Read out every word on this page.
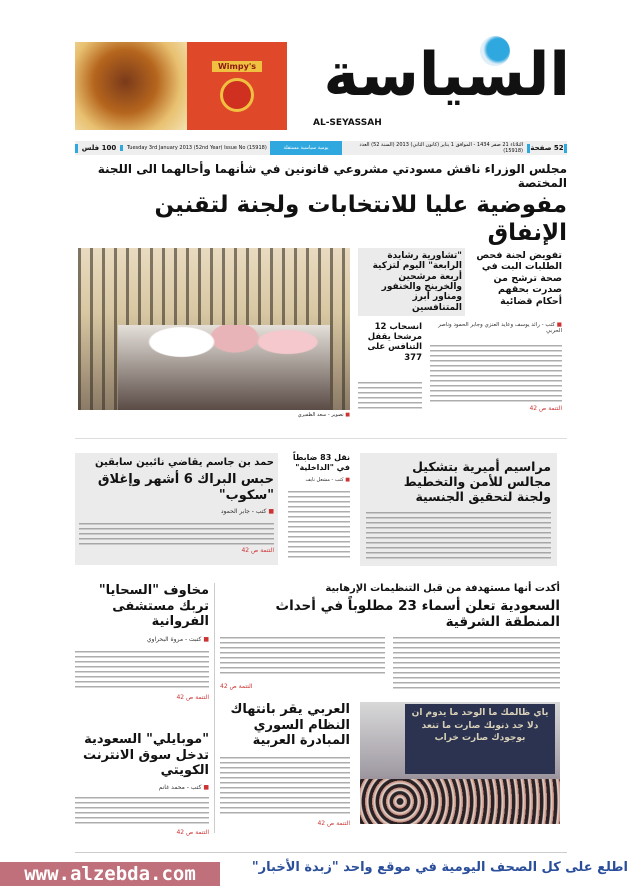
Wimpy's السياسة
AL-SEYASSAH
100 فلس	Tuesday 3rd January 2013 (52nd Year) Issue No (15918)	يومية سياسية مستقلة	الثلاثاء 21 صفر 1434 - الموافق 1 يناير (كانون الثاني) 2013 (السنة 52) العدد (15918)	52 صفحة
مجلس الوزراء ناقش مسودتي مشروعي قانونين في شأنهما وأحالهما الى اللجنة المختصة
مفوضية عليا للانتخابات ولجنة لتقنين الإنفاق
■ تصوير - سعد الظفيري
"تشاورية رشايدة الرابعة" اليوم لتزكية أربعة مرشحين والخرينج والخنفور ومناور أبرز المتنافسين
تفويض لجنة فحص الطلبات البت في صحة ترشح من صدرت بحقهم أحكام قضائية
انسحاب 12 مرشحا يقفل التنافس على 377
■ كتب - رائد يوسف وعايد العنزي وجابر الحمود وناصر الحربي
التتمة ص 42
حمد بن جاسم يقاضي نائبين سابقين
حبس البراك 6 أشهر وإغلاق "سكوب"
■ كتب - جابر الحمود
التتمة ص 42
نقل 83 ضابطاً في "الداخلية"
■ كتب - مشعل نايف
مراسيم أميرية بتشكيل مجالس للأمن والتخطيط ولجنة لتحقيق الجنسية
مخاوف "السحايا" تربك مستشفى الفروانية
■ كتبت - مروة البحراوي
التتمة ص 42
أكدت أنها مستهدفة من قبل التنظيمات الإرهابية
السعودية تعلن أسماء 23 مطلوباً في أحداث المنطقة الشرقية
التتمة ص 42
"موبايلي" السعودية تدخل سوق الانترنت الكويتي
■ كتب - محمد غانم
التتمة ص 42
العربي يقر بانتهاك النظام السوري المبادرة العربية
التتمة ص 42
ياي ظالمك ما الوحد ما يدوم ان دلا جد ذنوبك صارت ما تنعد بوجودك صارت خراب
www.alzebda.com	اطلع على كل الصحف اليومية في موقع واحد "زبدة الأخبار"
